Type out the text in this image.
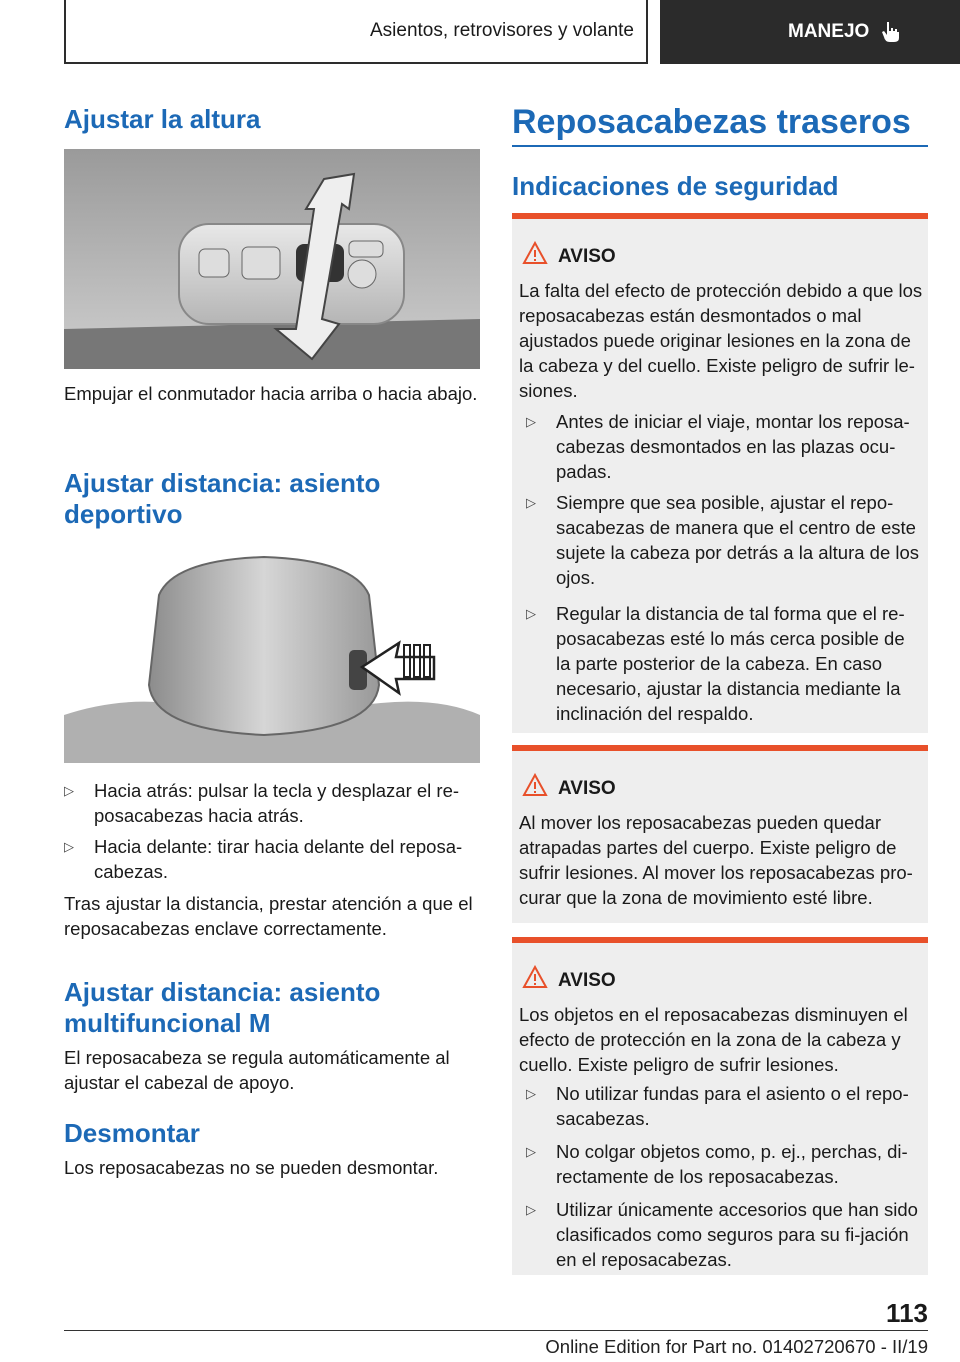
Asientos, retrovisores y volante	MANEJO
Ajustar la altura

Empujar el conmutador hacia arriba o hacia abajo.

Ajustar distancia: asiento deportivo
▷ Hacia atrás: pulsar la tecla y desplazar el re-posacabezas hacia atrás.
▷ Hacia delante: tirar hacia delante del reposa-cabezas.

Tras ajustar la distancia, prestar atención a que el reposacabezas enclave correctamente.

Ajustar distancia: asiento multifuncional M

El reposacabeza se regula automáticamente al ajustar el cabezal de apoyo.

Desmontar

Los reposacabezas no se pueden desmontar.

Reposacabezas traseros
Indicaciones de seguridad
AVISO

La falta del efecto de protección debido a que los reposacabezas están desmontados o mal ajustados puede originar lesiones en la zona de la cabeza y del cuello. Existe peligro de sufrir le-siones.

▷ Antes de iniciar el viaje, montar los reposa-cabezas desmontados en las plazas ocu-padas.
▷ Siempre que sea posible, ajustar el repo-sacabezas de manera que el centro de este sujete la cabeza por detrás a la altura de los ojos.
▷ Regular la distancia de tal forma que el re-posacabezas esté lo más cerca posible de la parte posterior de la cabeza. En caso necesario, ajustar la distancia mediante la inclinación del respaldo.
AVISO

Al mover los reposacabezas pueden quedar atrapadas partes del cuerpo. Existe peligro de sufrir lesiones. Al mover los reposacabezas pro-curar que la zona de movimiento esté libre.

AVISO

Los objetos en el reposacabezas disminuyen el efecto de protección en la zona de la cabeza y cuello. Existe peligro de sufrir lesiones.

▷ No utilizar fundas para el asiento o el repo-sacabezas.
▷ No colgar objetos como, p. ej., perchas, di-rectamente de los reposacabezas.
▷ Utilizar únicamente accesorios que han sido clasificados como seguros para su fi-jación en el reposacabezas.
113
Online Edition for Part no. 01402720670 - II/19
